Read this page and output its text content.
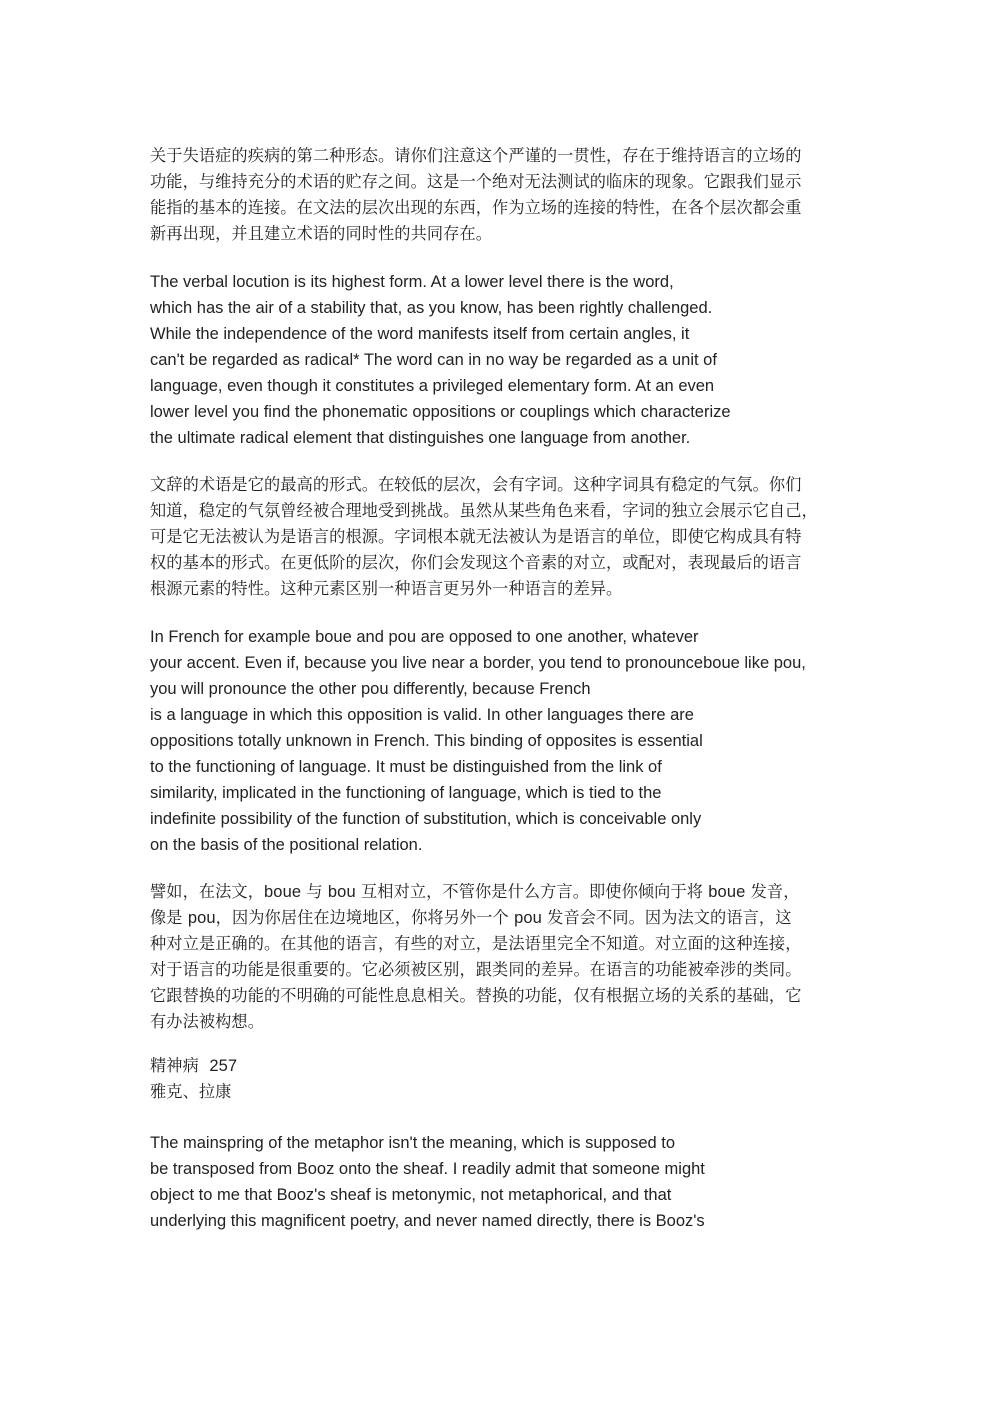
关于失语症的疾病的第二种形态。请你们注意这个严谨的一贯性，存在于维持语言的立场的
功能，与维持充分的术语的贮存之间。这是一个绝对无法测试的临床的现象。它跟我们显示
能指的基本的连接。在文法的层次出现的东西，作为立场的连接的特性，在各个层次都会重
新再出现，并且建立术语的同时性的共同存在。

The verbal locution is its highest form. At a lower level there is the word,
which has the air of a stability that, as you know, has been rightly challenged.
While the independence of the word manifests itself from certain angles, it
can't be regarded as radical* The word can in no way be regarded as a unit of
language, even though it constitutes a privileged elementary form. At an even
lower level you find the phonematic oppositions or couplings which characterize
the ultimate radical element that distinguishes one language from another.

文辞的术语是它的最高的形式。在较低的层次，会有字词。这种字词具有稳定的气氛。你们
知道，稳定的气氛曾经被合理地受到挑战。虽然从某些角色来看，字词的独立会展示它自己，
可是它无法被认为是语言的根源。字词根本就无法被认为是语言的单位，即使它构成具有特
权的基本的形式。在更低阶的层次，你们会发现这个音素的对立，或配对，表现最后的语言
根源元素的特性。这种元素区别一种语言更另外一种语言的差异。

In French for example boue and pou are opposed to one another, whatever
your accent. Even if, because you live near a border, you tend to pronounceboue like pou,
you will pronounce the other pou differently, because French
is a language in which this opposition is valid. In other languages there are
oppositions totally unknown in French. This binding of opposites is essential
to the functioning of language. It must be distinguished from the link of
similarity, implicated in the functioning of language, which is tied to the
indefinite possibility of the function of substitution, which is conceivable only
on the basis of the positional relation.

譬如，在法文，boue 与 bou 互相对立，不管你是什么方言。即使你倾向于将 boue 发音，
像是 pou，因为你居住在边境地区，你将另外一个 pou 发音会不同。因为法文的语言，这
种对立是正确的。在其他的语言，有些的对立，是法语里完全不知道。对立面的这种连接，
对于语言的功能是很重要的。它必须被区别，跟类同的差异。在语言的功能被牵涉的类同。
它跟替换的功能的不明确的可能性息息相关。替换的功能，仅有根据立场的关系的基础，它
有办法被构想。

精神病 257
雅克、拉康

The mainspring of the metaphor isn't the meaning, which is supposed to
be transposed from Booz onto the sheaf. I readily admit that someone might
object to me that Booz's sheaf is metonymic, not metaphorical, and that
underlying this magnificent poetry, and never named directly, there is Booz's
